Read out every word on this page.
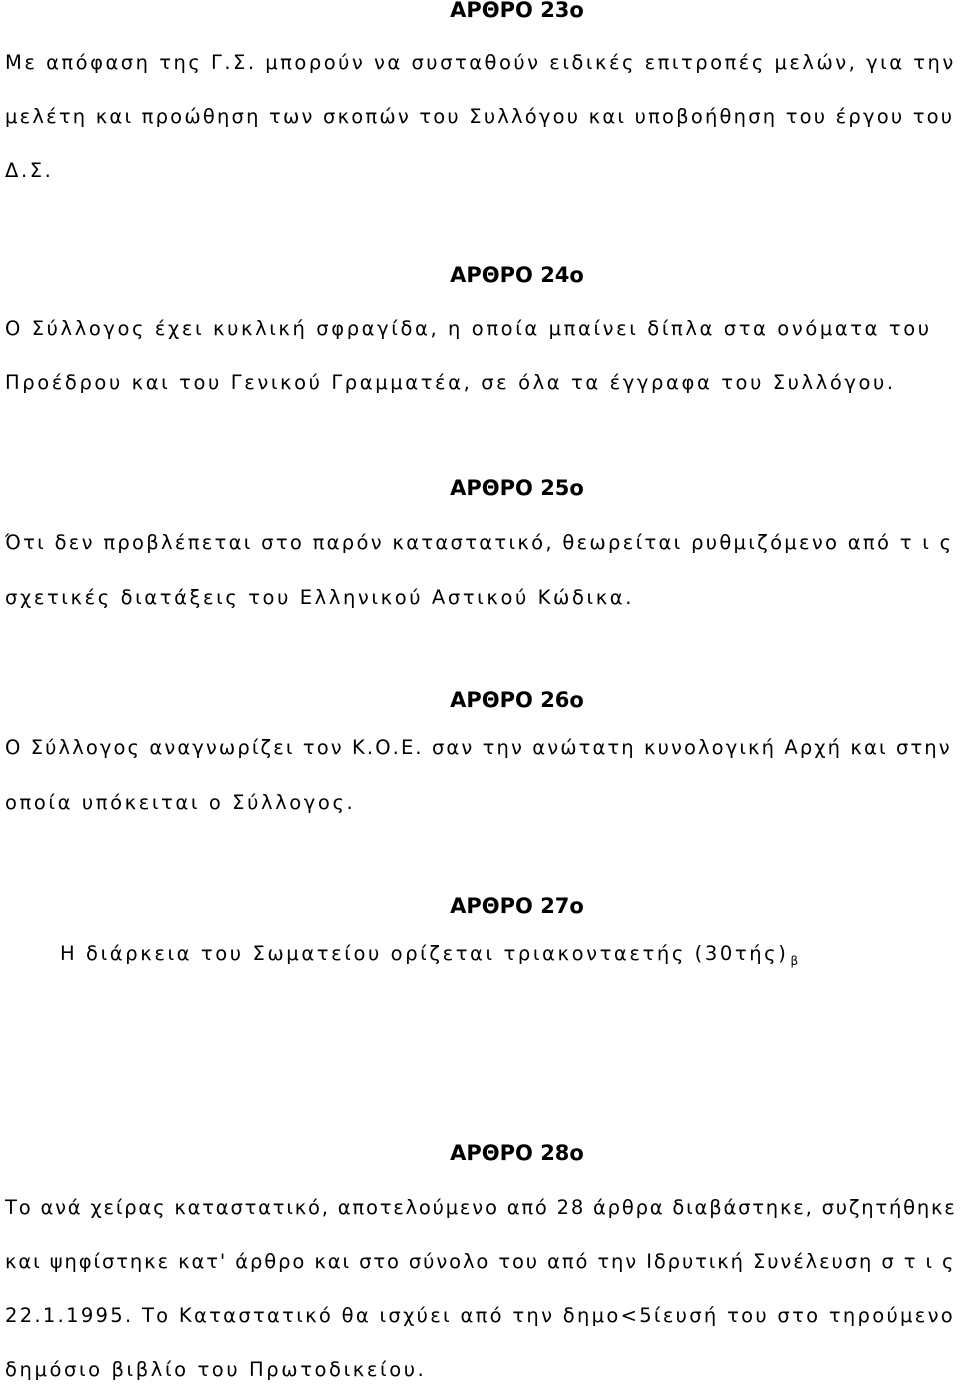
ΑΡΘΡΟ 23ο
Με απόφαση της Γ.Σ. μπορούν να συσταθούν ειδικές επιτροπές μελών, για την
μελέτη και προώθηση των σκοπών του Συλλόγου και υποβοήθηση του έργου του
Δ.Σ.
ΑΡΘΡΟ 24ο
Ο Σύλλογος έχει κυκλική σφραγίδα, η οποία μπαίνει δίπλα στα ονόματα του
Προέδρου και του Γενικού Γραμματέα, σε όλα τα έγγραφα του Συλλόγου.
ΑΡΘΡΟ 25ο
Ότι δεν προβλέπεται στο παρόν καταστατικό, θεωρείται ρυθμιζόμενο από τ ι ς
σχετικές διατάξεις του Ελληνικού Αστικού Κώδικα.
ΑΡΘΡΟ 26ο
Ο Σύλλογος αναγνωρίζει τον Κ.Ο.Ε. σαν την ανώτατη κυνολογική Αρχή και στην
οποία υπόκειται ο Σύλλογος.
ΑΡΘΡΟ 27ο
Η διάρκεια του Σωματείου ορίζεται τριακονταετής (30τής) $_\beta$
ΑΡΘΡΟ 28ο
Το ανά χείρας καταστατικό, αποτελούμενο από 28 άρθρα διαβάστηκε, συζητήθηκε
και ψηφίστηκε κατ' άρθρο και στο σύνολο του από την Ιδρυτική Συνέλευση σ τ ι ς
22.1.1995. Το Καταστατικό θα ισχύει από την δημο<5ίευσή του στο τηρούμενο
δημόσιο βιβλίο του Πρωτοδικείου.
